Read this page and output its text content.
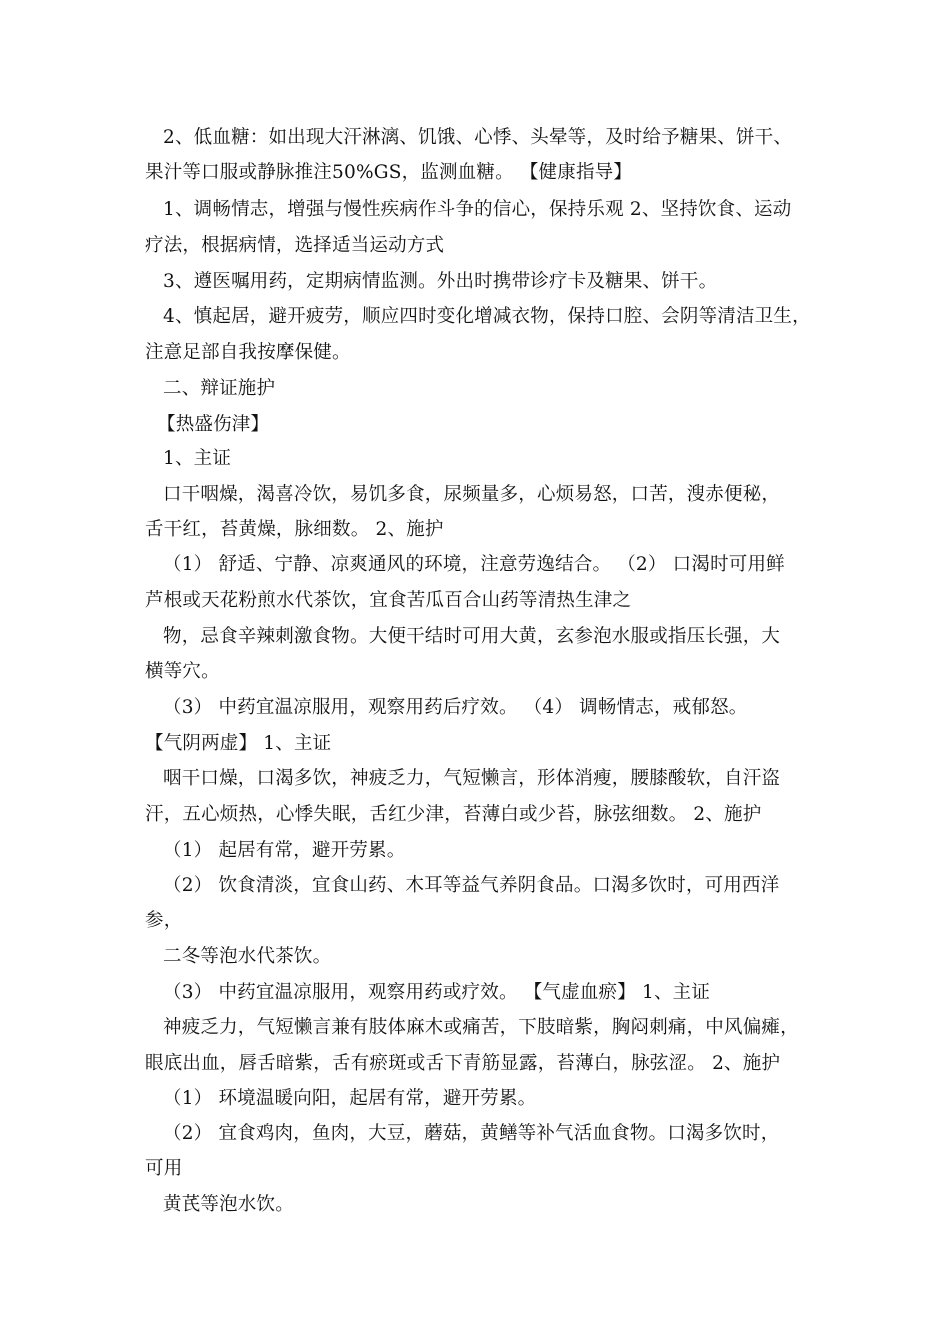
2、低血糖：如出现大汗淋漓、饥饿、心悸、头晕等，及时给予糖果、饼干、
果汁等口服或静脉推注50%GS，监测血糖。 【健康指导】
1、调畅情志，增强与慢性疾病作斗争的信心，保持乐观 2、坚持饮食、运动
疗法，根据病情，选择适当运动方式
3、遵医嘱用药，定期病情监测。外出时携带诊疗卡及糖果、饼干。
4、慎起居，避开疲劳，顺应四时变化增减衣物，保持口腔、会阴等清洁卫生，
注意足部自我按摩保健。
二、辩证施护
【热盛伤津】
1、主证
口干咽燥，渴喜冷饮，易饥多食，尿频量多，心烦易怒，口苦，溲赤便秘，
舌干红，苔黄燥，脉细数。 2、施护
（1） 舒适、宁静、凉爽通风的环境，注意劳逸结合。 （2） 口渴时可用鲜
芦根或天花粉煎水代茶饮，宜食苦瓜百合山药等清热生津之
物，忌食辛辣刺激食物。大便干结时可用大黄，玄参泡水服或指压长强，大
横等穴。
（3） 中药宜温凉服用，观察用药后疗效。 （4） 调畅情志，戒郁怒。
【气阴两虚】 1、主证
咽干口燥，口渴多饮，神疲乏力，气短懒言，形体消瘦，腰膝酸软，自汗盗
汗，五心烦热，心悸失眠，舌红少津，苔薄白或少苔，脉弦细数。 2、施护
（1） 起居有常，避开劳累。
（2） 饮食清淡，宜食山药、木耳等益气养阴食品。口渴多饮时，可用西洋
参，
二冬等泡水代茶饮。
（3） 中药宜温凉服用，观察用药或疗效。 【气虚血瘀】 1、主证
神疲乏力，气短懒言兼有肢体麻木或痛苦，下肢暗紫，胸闷刺痛，中风偏瘫，
眼底出血，唇舌暗紫，舌有瘀斑或舌下青筋显露，苔薄白，脉弦涩。 2、施护
（1） 环境温暖向阳，起居有常，避开劳累。
（2） 宜食鸡肉，鱼肉，大豆，蘑菇，黄鳝等补气活血食物。口渴多饮时，
可用
黄芪等泡水饮。
